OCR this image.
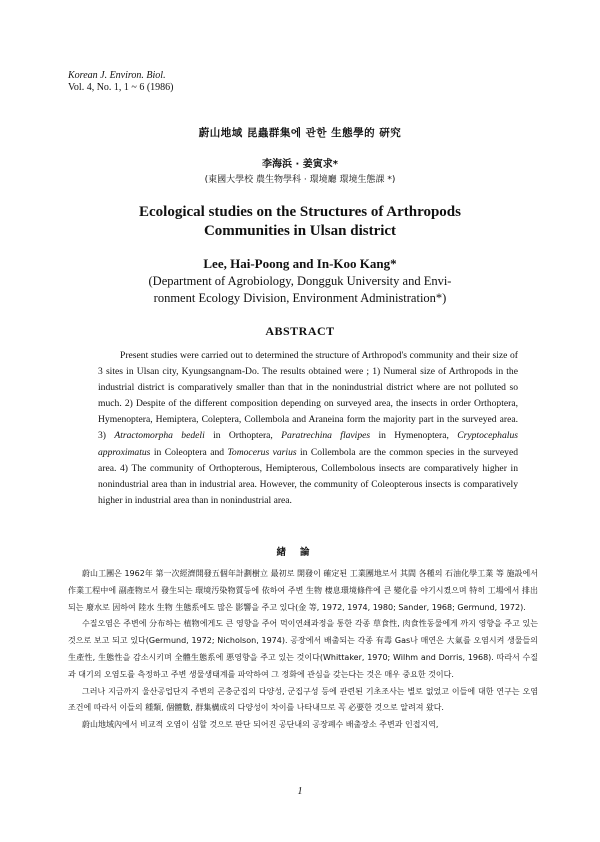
Korean J. Environ. Biol.
Vol. 4, No. 1, 1 ~ 6 (1986)
蔚山地域 昆蟲群集에 관한 生態學的 硏究
李海浜 · 姜寅求*
(東國大學校 農生物學科 · 環境廳 環境生態課 *)
Ecological studies on the Structures of Arthropods
Communities in Ulsan district
Lee, Hai-Poong and In-Koo Kang*
(Department of Agrobiology, Dongguk University and Envi-
ronment Ecology Division, Environment Administration*)
ABSTRACT
Present studies were carried out to determined the structure of Arthropod's community and their size of 3 sites in Ulsan city, Kyungsangnam-Do. The results obtained were ; 1) Numeral size of Arthropods in the industrial district is comparatively smaller than that in the nonindustrial district where are not polluted so much. 2) Despite of the different composition depending on surveyed area, the insects in order Orthoptera, Hymenoptera, Hemiptera, Coleptera, Collembola and Araneina form the majority part in the surveyed area. 3) Atractomorpha bedeli in Orthoptera, Paratrechina flavipes in Hymenoptera, Cryptocephalus approximatus in Coleoptera and Tomocerus varius in Collembola are the common species in the surveyed area. 4) The community of Orthopterous, Hemipterous, Collembolous insects are comparatively higher in nonindustrial area than in industrial area. However, the community of Coleopterous insects is comparatively higher in industrial area than in nonindustrial area.
緖論

蔚山工團은 1962年 第一次經濟開發五個年計劃樹立 最初로 開發이 確定된 工業團地로서 其間 各種의 石油化學工業 等 施設에서 作業工程中에 副產物로서 發生되는 環境汚染物質등에 依하여 주변 生物 棲息環境條件에 큰 變化를 야기시켰으며 特히 工場에서 排出되는 廢水로 因하여 陸水 生物 生態系에도 많은 影響을 주고 있다(金 等, 1972, 1974, 1980; Sander, 1968; Germund, 1972).

수질오염은 주변에 分布하는 植物에게도 큰 영향을 주어 먹이연쇄과정을 통한 각종 草食性, 肉食性동물에게 까지 영향을 주고 있는 것으로 보고 되고 있다(Germund, 1972; Nicholson, 1974). 공장에서 배출되는 각종 有毒 Gas나 매연은 大氣를 오염시켜 생물들의 生產性, 生態性을 감소시키며 全體生態系에 悪영향을 주고 있는 것이다(Whittaker, 1970; Wilhm and Dorris, 1968). 따라서 수질과 대기의 오염도를 측정하고 주변 생물생태계를 파악하여 그 정화에 관심을 갖는다는 것은 매우 중요한 것이다.

그러나 지금까지 울산공업단지 주변의 곤충군집의 다양성, 군집구성 등에 관련된 기초조사는 별로 없었고 이들에 대한 연구는 오염 조건에 따라서 이들의 種類, 個體數, 群集構成의 다양성이 차이를 나타내므로 꼭 必要한 것으로 알려져 왔다.

蔚山地域內에서 비교적 오염이 심할 것으로 판단 되어진 공단내의 공장폐수 배출장소 주변과 인접지역,

1
